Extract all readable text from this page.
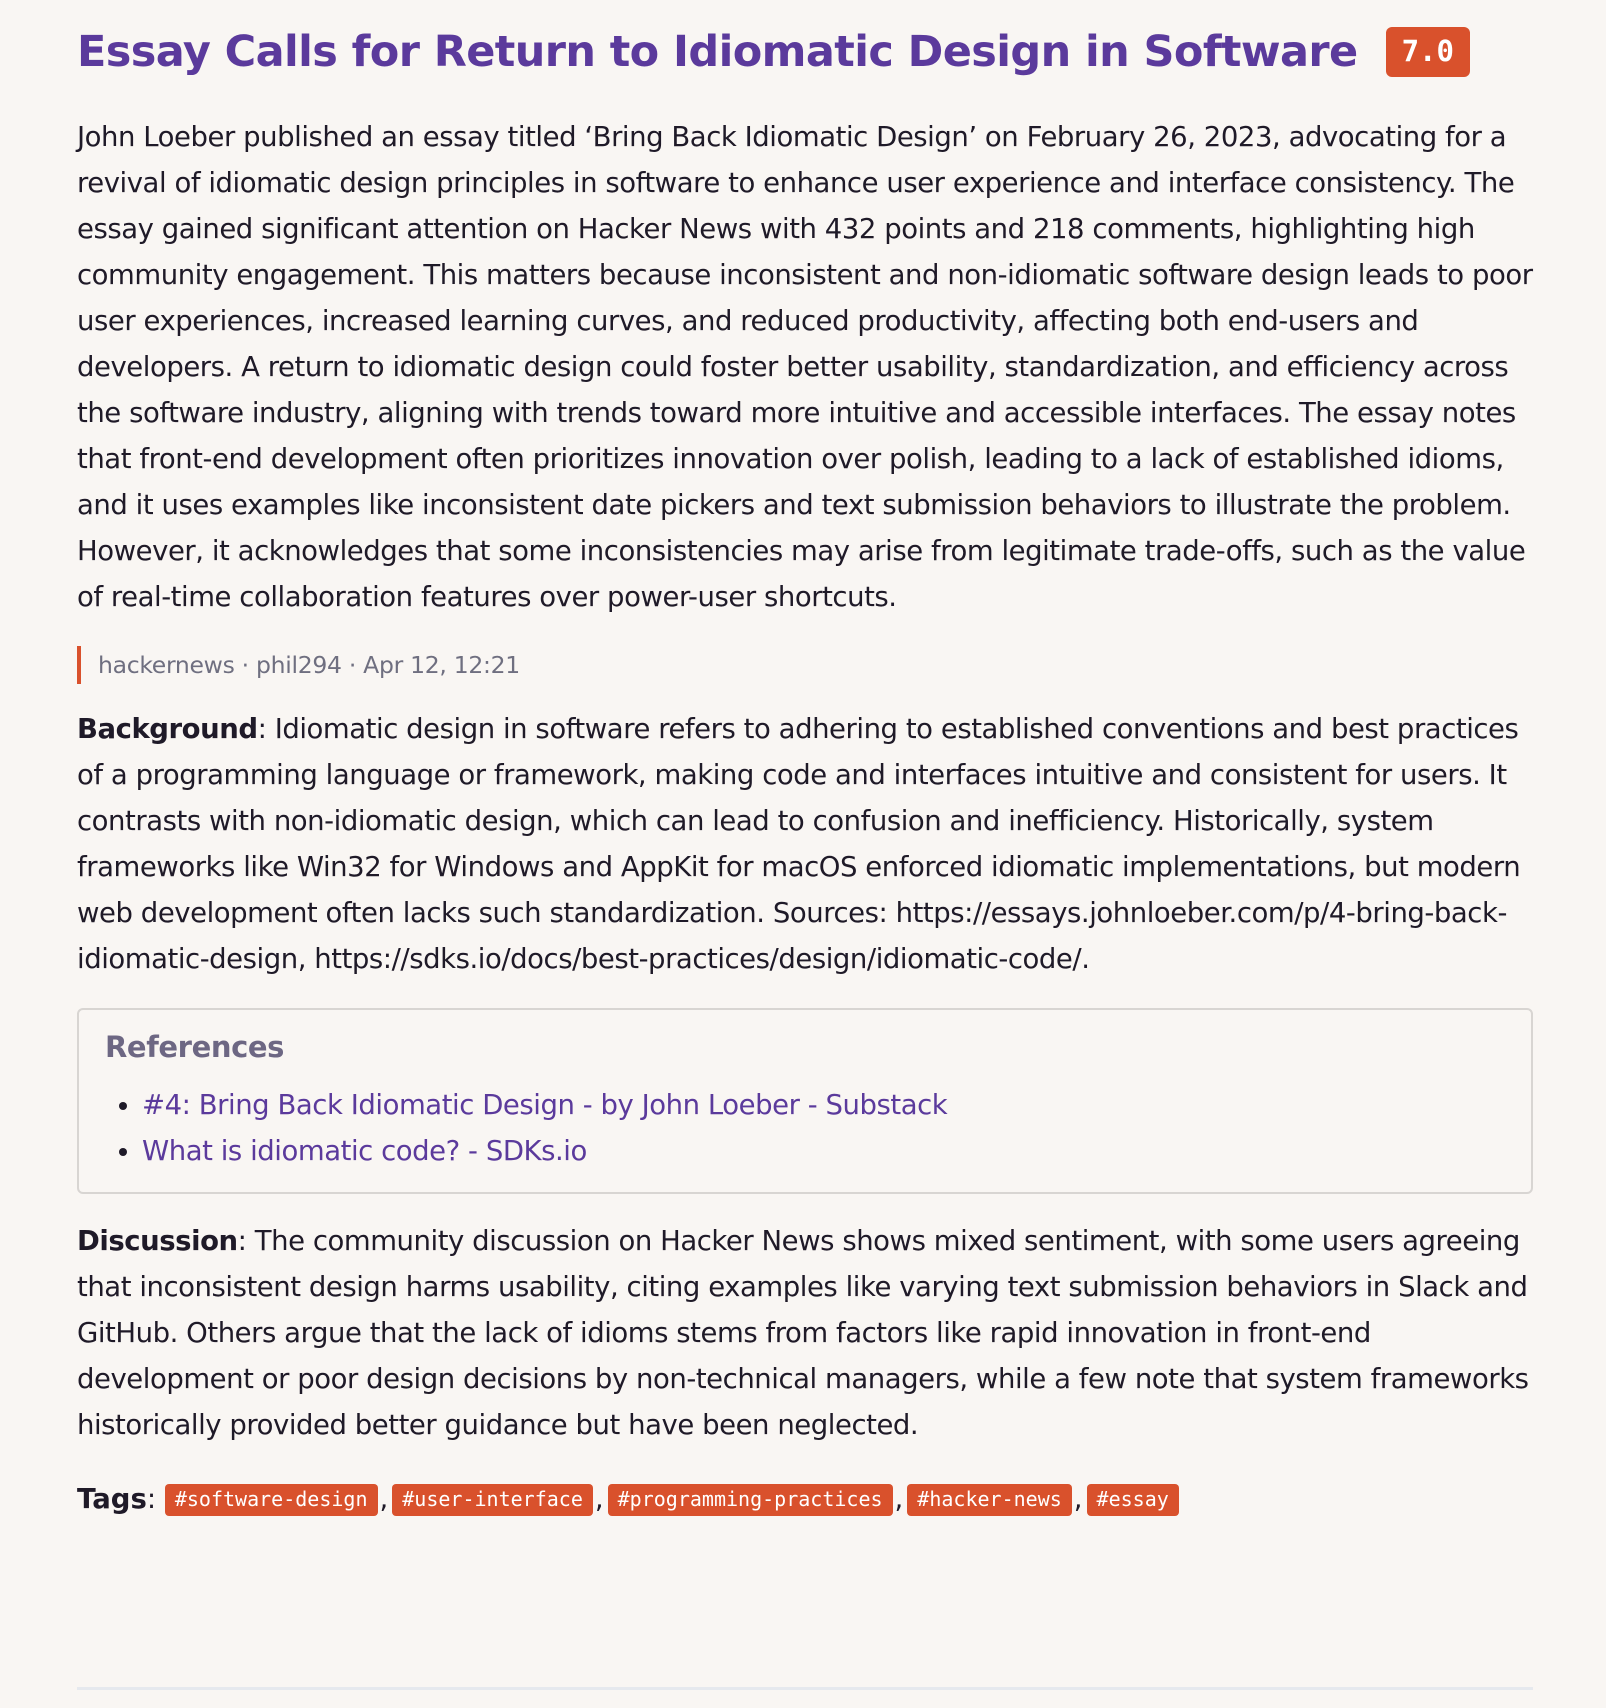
Essay Calls for Return to Idiomatic Design in Software	7.0

John Loeber published an essay titled ‘Bring Back Idiomatic Design’ on February 26, 2023, advocating for a revival of idiomatic design principles in software to enhance user experience and interface consistency. The essay gained significant attention on Hacker News with 432 points and 218 comments, highlighting high community engagement. This matters because inconsistent and non-idiomatic software design leads to poor user experiences, increased learning curves, and reduced productivity, affecting both end-users and developers. A return to idiomatic design could foster better usability, standardization, and efficiency across the software industry, aligning with trends toward more intuitive and accessible interfaces. The essay notes that front-end development often prioritizes innovation over polish, leading to a lack of established idioms, and it uses examples like inconsistent date pickers and text submission behaviors to illustrate the problem. However, it acknowledges that some inconsistencies may arise from legitimate trade-offs, such as the value of real-time collaboration features over power-user shortcuts.

hackernews · phil294 · Apr 12, 12:21

Background: Idiomatic design in software refers to adhering to established conventions and best practices of a programming language or framework, making code and interfaces intuitive and consistent for users. It contrasts with non-idiomatic design, which can lead to confusion and inefficiency. Historically, system frameworks like Win32 for Windows and AppKit for macOS enforced idiomatic implementations, but modern web development often lacks such standardization. Sources: https://essays.johnloeber.com/p/4-bring-back-idiomatic-design, https://sdks.io/docs/best-practices/design/idiomatic-code/.

References
• #4: Bring Back Idiomatic Design - by John Loeber - Substack
• What is idiomatic code? - SDKs.io

Discussion: The community discussion on Hacker News shows mixed sentiment, with some users agreeing that inconsistent design harms usability, citing examples like varying text submission behaviors in Slack and GitHub. Others argue that the lack of idioms stems from factors like rapid innovation in front-end development or poor design decisions by non-technical managers, while a few note that system frameworks historically provided better guidance but have been neglected.

Tags: #software-design , #user-interface , #programming-practices , #hacker-news , #essay
